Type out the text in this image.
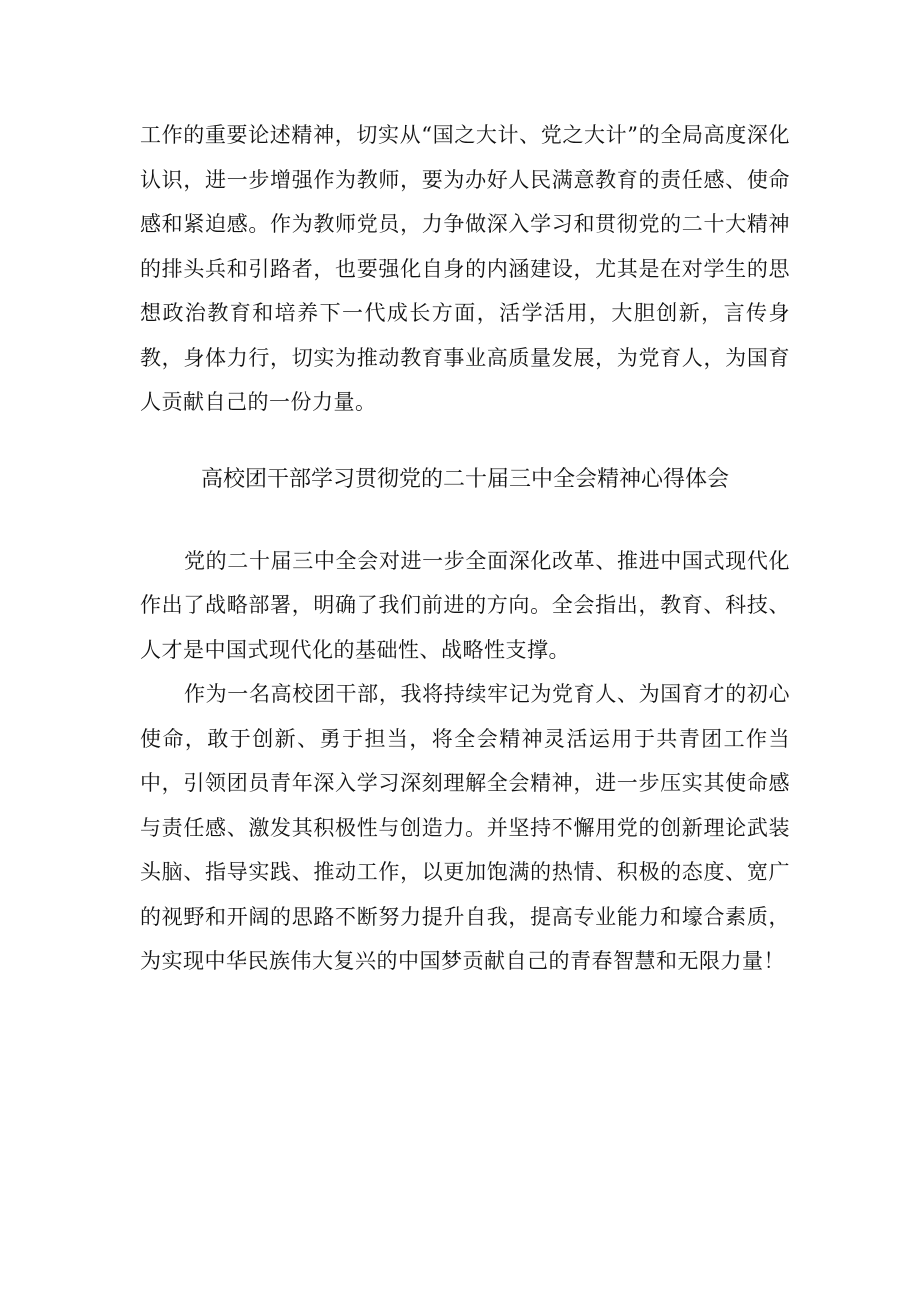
工作的重要论述精神，切实从“国之大计、党之大计”的全局高度深化认识，进一步增强作为教师，要为办好人民满意教育的责任感、使命感和紧迫感。作为教师党员，力争做深入学习和贯彻党的二十大精神的排头兵和引路者，也要强化自身的内涵建设，尤其是在对学生的思想政治教育和培养下一代成长方面，活学活用，大胆创新，言传身教，身体力行，切实为推动教育事业高质量发展，为党育人，为国育人贡献自己的一份力量。

高校团干部学习贯彻党的二十届三中全会精神心得体会

党的二十届三中全会对进一步全面深化改革、推进中国式现代化作出了战略部署，明确了我们前进的方向。全会指出，教育、科技、人才是中国式现代化的基础性、战略性支撑。

作为一名高校团干部，我将持续牢记为党育人、为国育才的初心使命，敢于创新、勇于担当，将全会精神灵活运用于共青团工作当中，引领团员青年深入学习深刻理解全会精神，进一步压实其使命感与责任感、激发其积极性与创造力。并坚持不懈用党的创新理论武装头脑、指导实践、推动工作，以更加饱满的热情、积极的态度、宽广的视野和开阔的思路不断努力提升自我，提高专业能力和壕合素质，为实现中华民族伟大复兴的中国梦贡献自己的青春智慧和无限力量！
